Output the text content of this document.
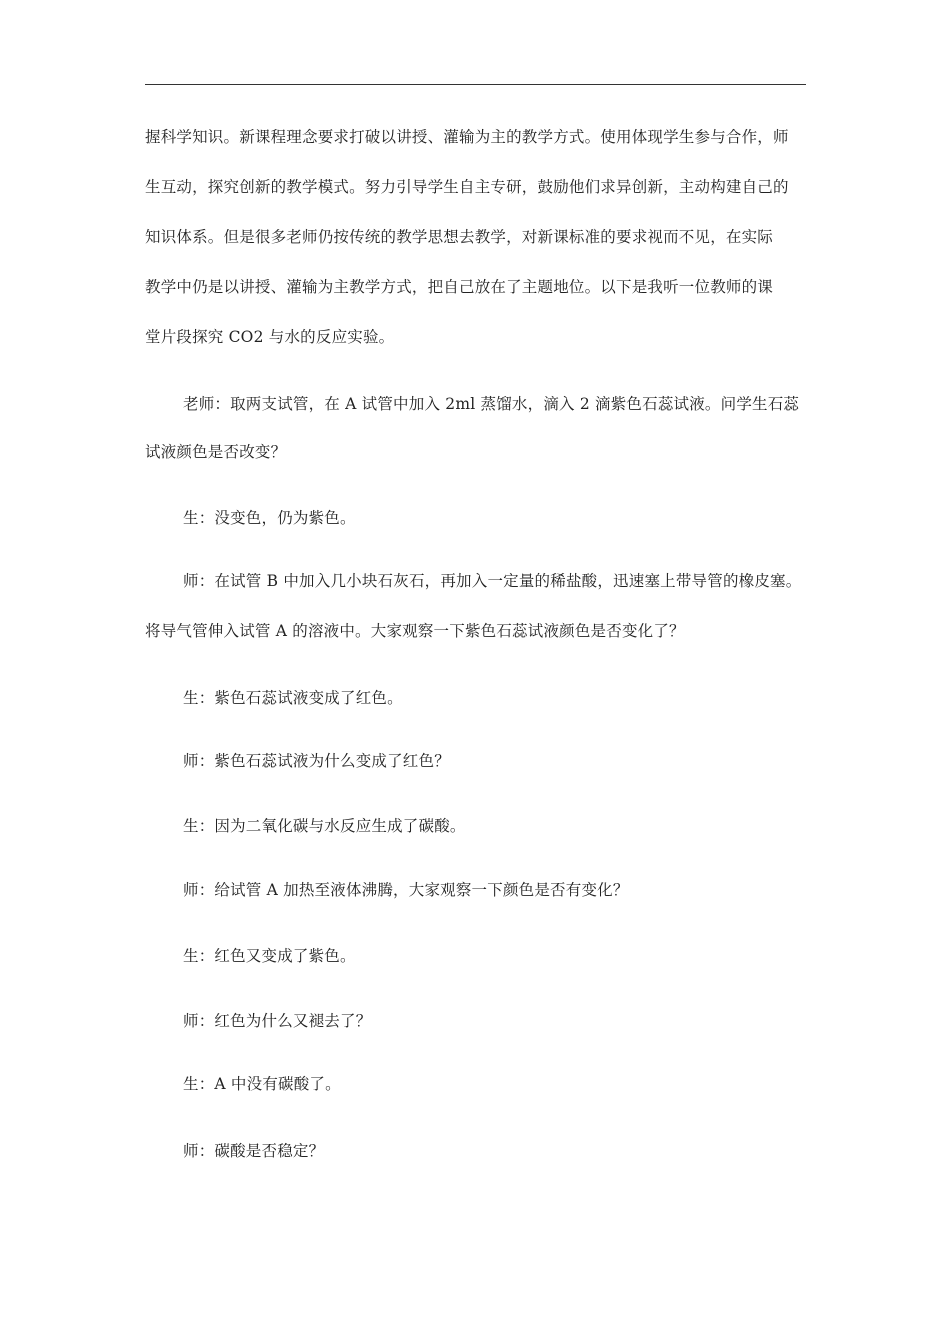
握科学知识。新课程理念要求打破以讲授、灌输为主的教学方式。使用体现学生参与合作，师
生互动，探究创新的教学模式。努力引导学生自主专研，鼓励他们求异创新，主动构建自己的
知识体系。但是很多老师仍按传统的教学思想去教学，对新课标准的要求视而不见，在实际
教学中仍是以讲授、灌输为主教学方式，把自己放在了主题地位。以下是我听一位教师的课
堂片段探究 CO2 与水的反应实验。
老师：取两支试管，在 A 试管中加入 2ml 蒸馏水，滴入 2 滴紫色石蕊试液。问学生石蕊
试液颜色是否改变？
生：没变色，仍为紫色。
师：在试管 B 中加入几小块石灰石，再加入一定量的稀盐酸，迅速塞上带导管的橡皮塞。
将导气管伸入试管 A 的溶液中。大家观察一下紫色石蕊试液颜色是否变化了？
生：紫色石蕊试液变成了红色。
师：紫色石蕊试液为什么变成了红色？
生：因为二氧化碳与水反应生成了碳酸。
师：给试管 A 加热至液体沸腾，大家观察一下颜色是否有变化？
生：红色又变成了紫色。
师：红色为什么又褪去了？
生：A 中没有碳酸了。
师：碳酸是否稳定？
